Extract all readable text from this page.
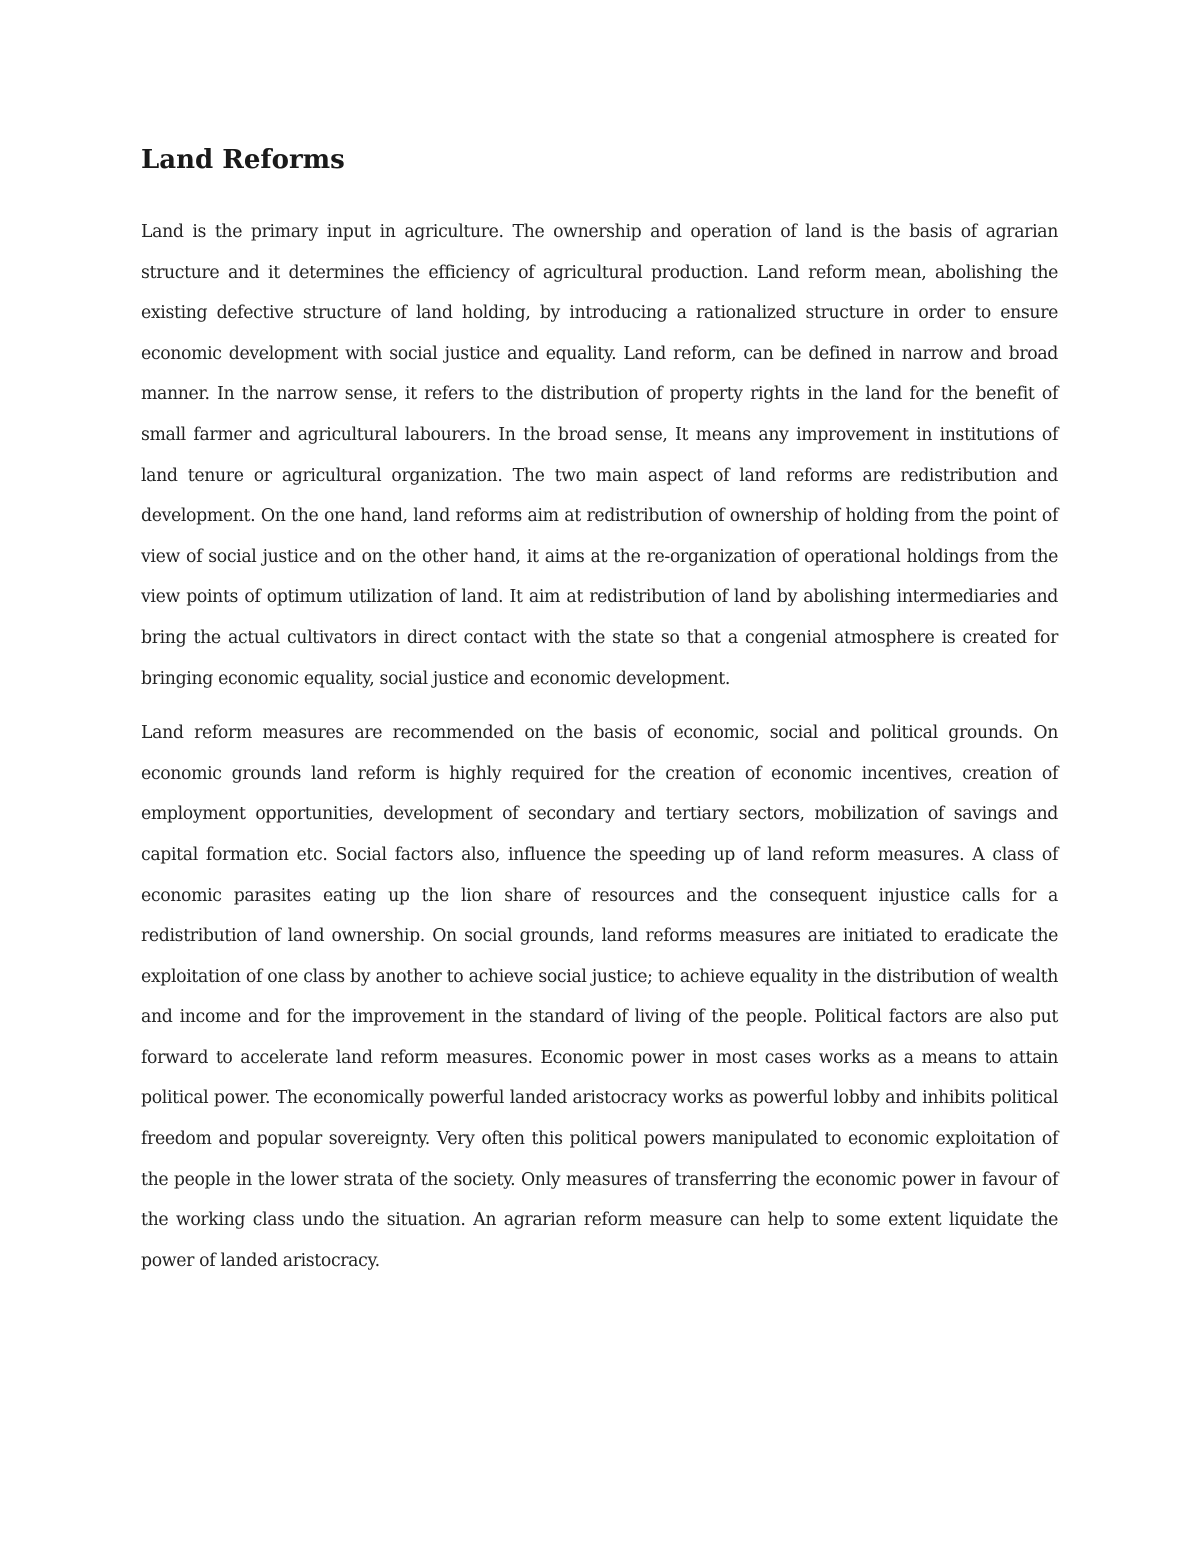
Land Reforms

Land is the primary input in agriculture. The ownership and operation of land is the basis of agrarian structure and it determines the efficiency of agricultural production. Land reform mean, abolishing the existing defective structure of land holding, by introducing a rationalized structure in order to ensure economic development with social justice and equality. Land reform, can be defined in narrow and broad manner. In the narrow sense, it refers to the distribution of property rights in the land for the benefit of small farmer and agricultural labourers. In the broad sense, It means any improvement in institutions of land tenure or agricultural organization. The two main aspect of land reforms are redistribution and development. On the one hand, land reforms aim at redistribution of ownership of holding from the point of view of social justice and on the other hand, it aims at the re-organization of operational holdings from the view points of optimum utilization of land. It aim at redistribution of land by abolishing intermediaries and bring the actual cultivators in direct contact with the state so that a congenial atmosphere is created for bringing economic equality, social justice and economic development.

Land reform measures are recommended on the basis of economic, social and political grounds. On economic grounds land reform is highly required for the creation of economic incentives, creation of employment opportunities, development of secondary and tertiary sectors, mobilization of savings and capital formation etc. Social factors also, influence the speeding up of land reform measures. A class of economic parasites eating up the lion share of resources and the consequent injustice calls for a redistribution of land ownership. On social grounds, land reforms measures are initiated to eradicate the exploitation of one class by another to achieve social justice; to achieve equality in the distribution of wealth and income and for the improvement in the standard of living of the people. Political factors are also put forward to accelerate land reform measures. Economic power in most cases works as a means to attain political power. The economically powerful landed aristocracy works as powerful lobby and inhibits political freedom and popular sovereignty. Very often this political powers manipulated to economic exploitation of the people in the lower strata of the society. Only measures of transferring the economic power in favour of the working class undo the situation. An agrarian reform measure can help to some extent liquidate the power of landed aristocracy.
